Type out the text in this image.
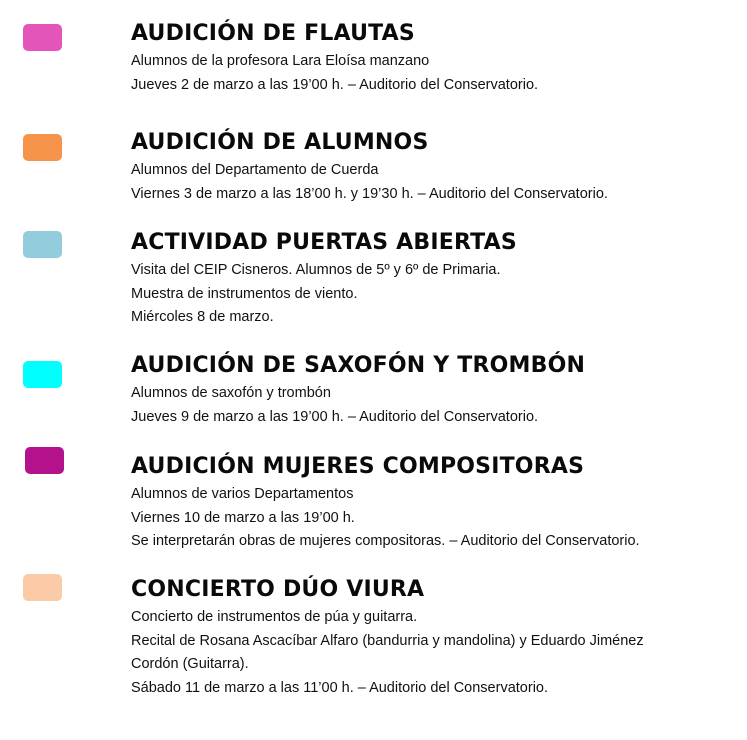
AUDICIÓN DE FLAUTAS
Alumnos de la profesora Lara Eloísa manzano
Jueves 2 de marzo a las 19’00 h. – Auditorio del Conservatorio.
AUDICIÓN DE ALUMNOS
Alumnos del Departamento de Cuerda
Viernes 3 de marzo a las 18’00 h. y 19’30 h. – Auditorio del Conservatorio.
ACTIVIDAD PUERTAS ABIERTAS
Visita del CEIP Cisneros. Alumnos de 5º y 6º de Primaria.
Muestra de instrumentos de viento.
Miércoles 8 de marzo.
AUDICIÓN DE SAXOFÓN Y TROMBÓN
Alumnos de saxofón y trombón
Jueves 9 de marzo a las 19’00 h. – Auditorio del Conservatorio.
AUDICIÓN MUJERES COMPOSITORAS
Alumnos de varios Departamentos
Viernes 10 de marzo a las 19’00 h.
Se interpretarán obras de mujeres compositoras. – Auditorio del Conservatorio.
CONCIERTO DÚO VIURA
Concierto de instrumentos de púa y guitarra.
Recital de Rosana Ascacíbar Alfaro (bandurria y mandolina) y Eduardo Jiménez
Cordón (Guitarra).
Sábado 11 de marzo a las 11’00 h. – Auditorio del Conservatorio.
